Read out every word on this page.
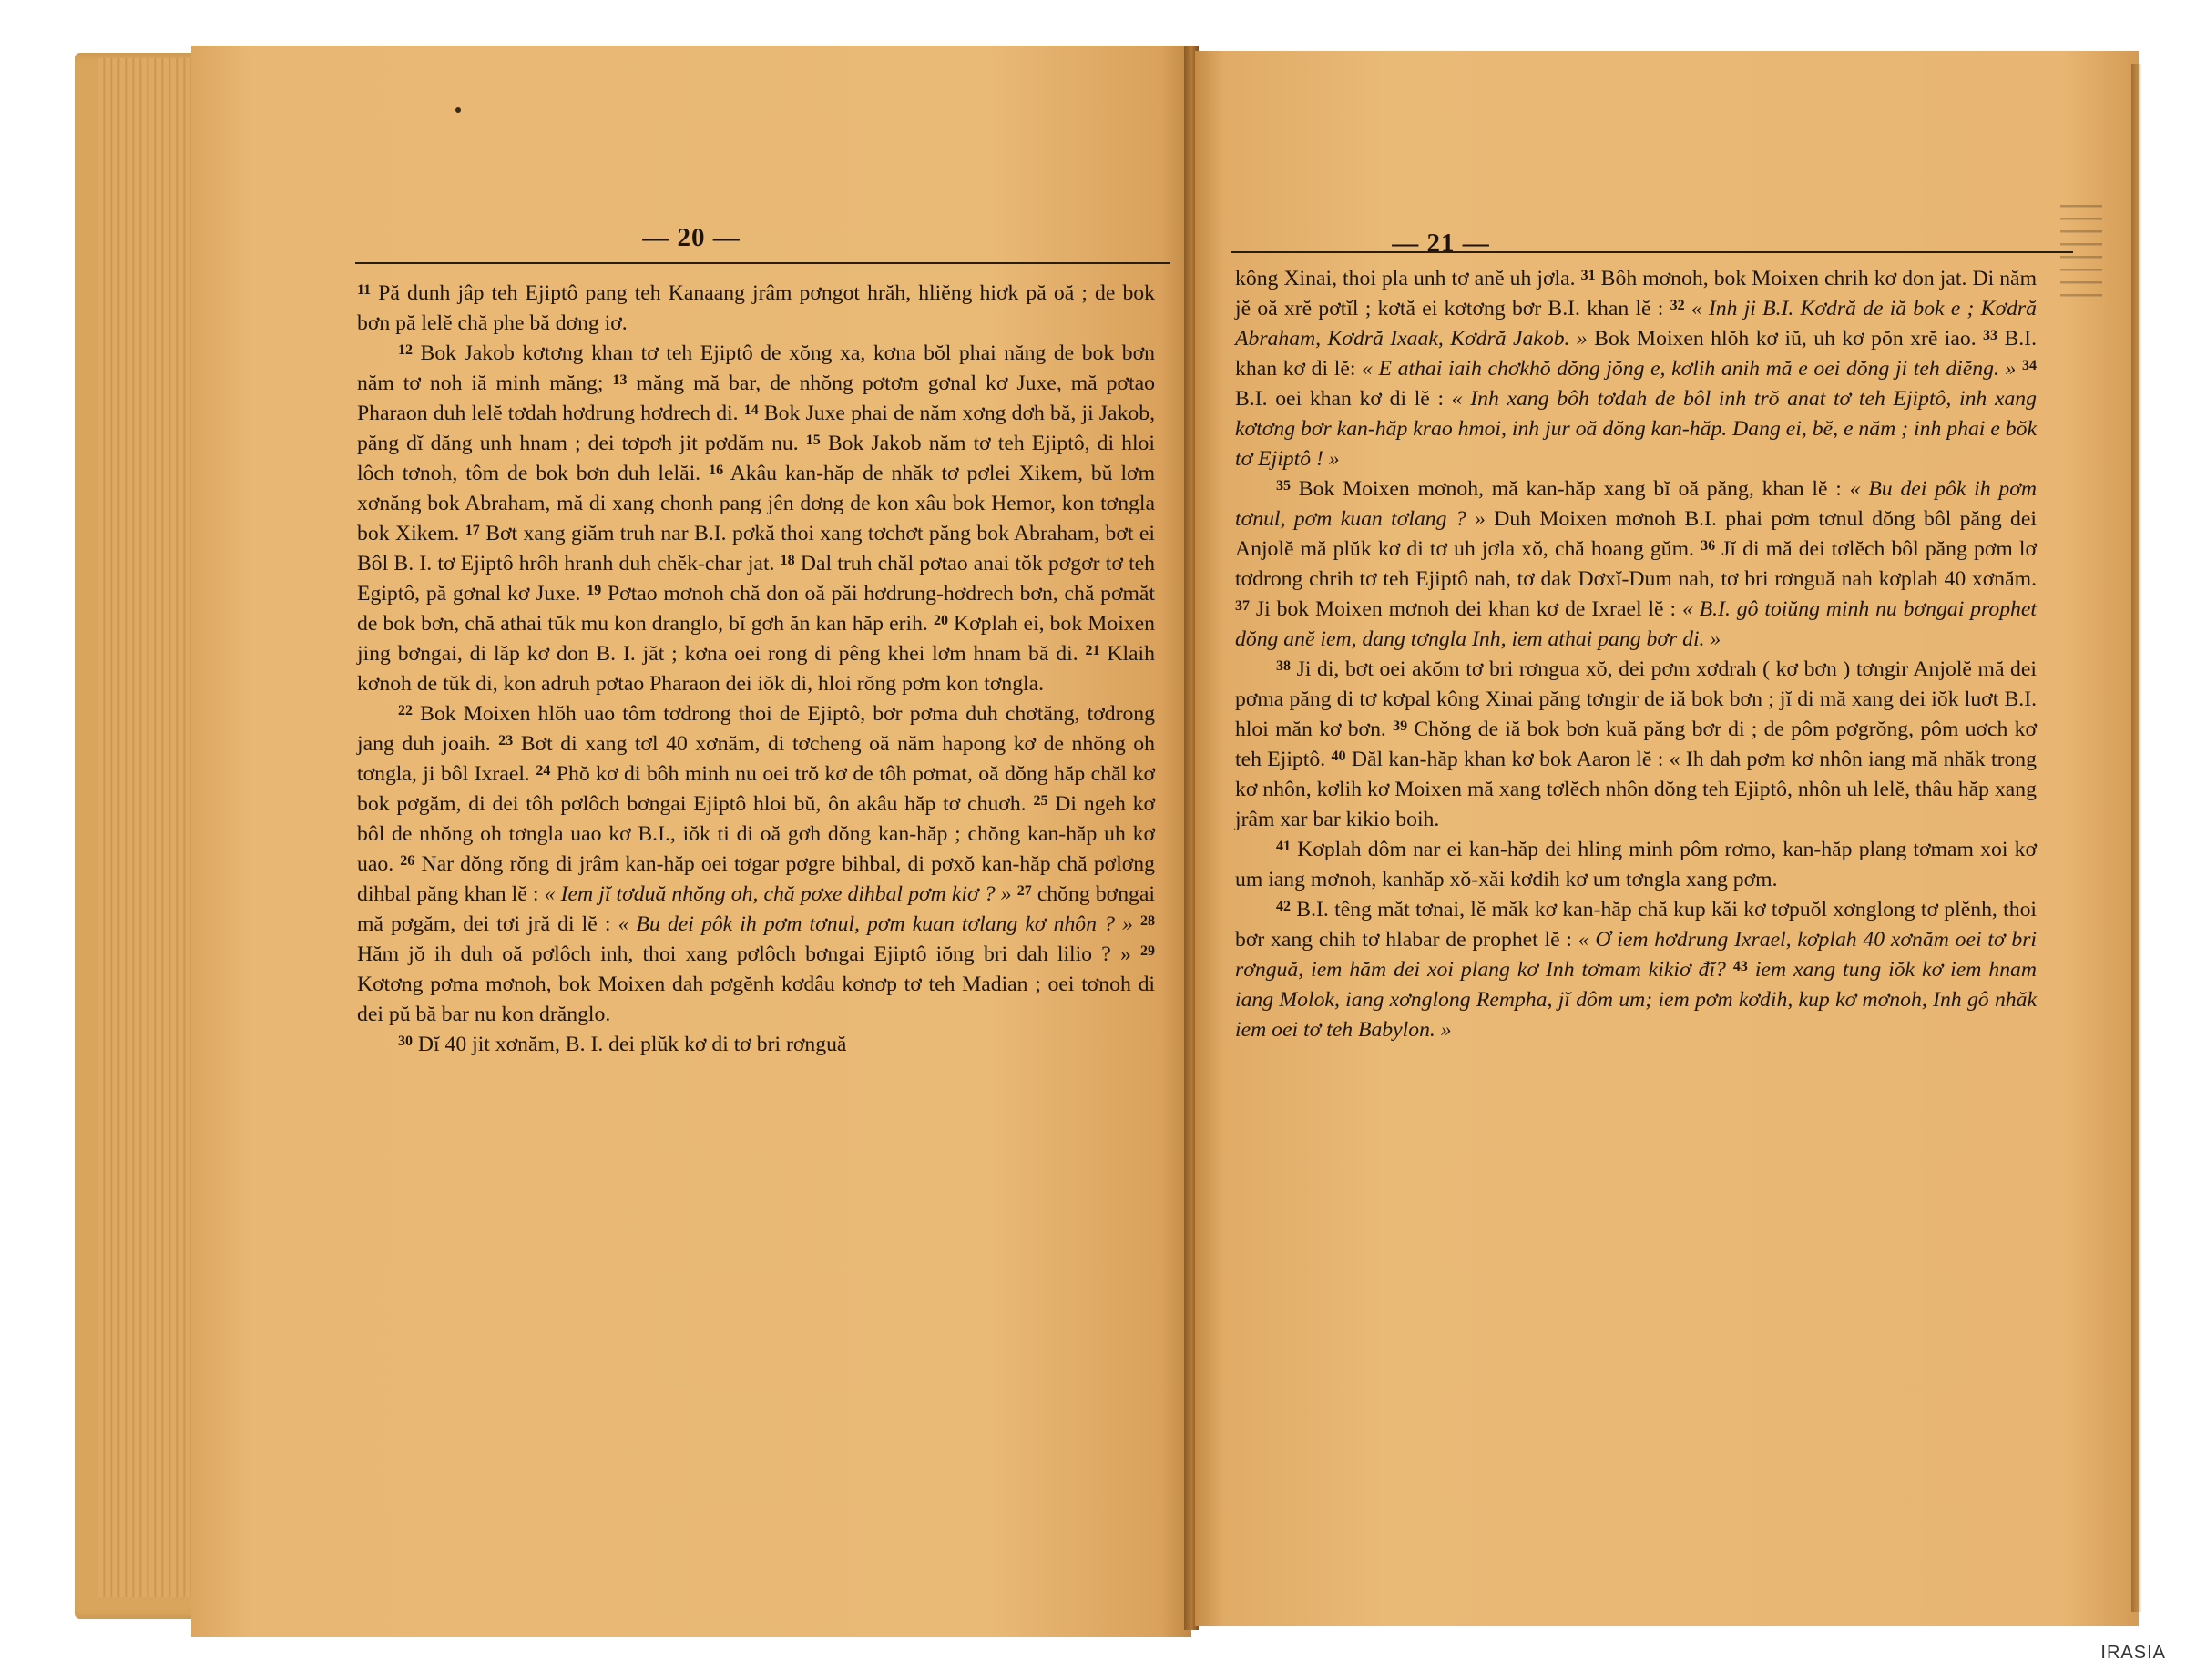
— 20 —

$^{11}$ Pă dunh jâp teh Ejiptô pang teh Kanaang jrâm pơngot hrăh, hliĕng hiơk pă oă ; de bok bơn pă lelĕ chă phe bă dơng iơ.

$^{12}$ Bok Jakob kơtơng khan tơ teh Ejiptô de xŏng xa, kơna bŏl phai năng de bok bơn năm tơ noh iă minh măng; $^{13}$ măng mă bar, de nhŏng pơtơm gơnal kơ Juxe, mă pơtao Pharaon duh lelĕ tơdah hơdrung hơdrech di. $^{14}$ Bok Juxe phai de năm xơng dơh bă, ji Jakob, păng dĭ dăng unh hnam ; dei tơpơh jit pơdăm nu. $^{15}$ Bok Jakob năm tơ teh Ejiptô, di hloi lôch tơnoh, tôm de bok bơn duh lelăi. $^{16}$ Akâu kan-hăp de nhăk tơ pơlei Xikem, bŭ lơm xơnăng bok Abraham, mă di xang chonh pang jên dơng de kon xâu bok Hemor, kon tơngla bok Xikem. $^{17}$ Bơt xang giăm truh nar B.I. pơkă thoi xang tơchơt păng bok Abraham, bơt ei Bôl B. I. tơ Ejiptô hrôh hranh duh chĕk-char jat. $^{18}$ Dal truh chăl pơtao anai tŏk pơgơr tơ teh Egiptô, pă gơnal kơ Juxe. $^{19}$ Pơtao mơnoh chă don oă păi hơdrung-hơdrech bơn, chă pơmăt de bok bơn, chă athai tŭk mu kon dranglo, bĭ gơh ăn kan hăp erih. $^{20}$ Kơplah ei, bok Moixen jing bơngai, di lăp kơ don B. I. jăt ; kơna oei rong di pêng khei lơm hnam bă di. $^{21}$ Klaih kơnoh de tŭk di, kon adruh pơtao Pharaon dei iŏk di, hloi rŏng pơm kon tơngla.

$^{22}$ Bok Moixen hlŏh uao tôm tơdrong thoi de Ejiptô, bơr pơma duh chơtăng, tơdrong jang duh joaih. $^{23}$ Bơt di xang tơl 40 xơnăm, di tơcheng oă năm hapong kơ de nhŏng oh tơngla, ji bôl Ixrael. $^{24}$ Phŏ kơ di bôh minh nu oei trŏ kơ de tôh pơmat, oă dŏng hăp chăl kơ bok pơgăm, di dei tôh pơlôch bơngai Ejiptô hloi bŭ, ôn akâu hăp tơ chuơh. $^{25}$ Di ngeh kơ bôl de nhŏng oh tơngla uao kơ B.I., iŏk ti di oă gơh dŏng kan-hăp ; chŏng kan-hăp uh kơ uao. $^{26}$ Nar dŏng rŏng di jrâm kan-hăp oei tơgar pơgre bihbal, di pơxŏ kan-hăp chă pơlơng dihbal păng khan lĕ : « Iem jĭ tơduă nhŏng oh, chă pơxe dihbal pơm kiơ ? » $^{27}$ chŏng bơngai mă pơgăm, dei tơi jră di lĕ : « Bu dei pôk ih pơm tơnul, pơm kuan tơlang kơ nhôn ? » $^{28}$ Hăm jŏ ih duh oă pơlôch inh, thoi xang pơlôch bơngai Ejiptô iŏng bri dah lilio ? » $^{29}$ Kơtơng pơma mơnoh, bok Moixen dah pơgĕnh kơdâu kơnơp tơ teh Madian ; oei tơnoh di dei pŭ bă bar nu kon drănglo.

$^{30}$ Dĭ 40 jit xơnăm, B. I. dei plŭk kơ di tơ bri rơnguă

— 21 —

kông Xinai, thoi pla unh tơ anĕ uh jơla. $^{31}$ Bôh mơnoh, bok Moixen chrih kơ don jat. Di năm jĕ oă xrĕ pơtĭl ; kơtă ei kơtơng bơr B.I. khan lĕ : $^{32}$ « Inh ji B.I. Kơdră de iă bok e ; Kơdră Abraham, Kơdră Ixaak, Kơdră Jakob. » Bok Moixen hlŏh kơ iŭ, uh kơ pŏn xrĕ iao. $^{33}$ B.I. khan kơ di lĕ: « E athai iaih chơkhŏ dŏng jŏng e, kơlih anih mă e oei dŏng ji teh diĕng. » $^{34}$ B.I. oei khan kơ di lĕ : « Inh xang bôh tơdah de bôl inh trŏ anat tơ teh Ejiptô, inh xang kơtơng bơr kan-hăp krao hmoi, inh jur oă dŏng kan-hăp. Dang ei, bĕ, e năm ; inh phai e bŏk tơ Ejiptô ! »

$^{35}$ Bok Moixen mơnoh, mă kan-hăp xang bĭ oă păng, khan lĕ : « Bu dei pôk ih pơm tơnul, pơm kuan tơlang ? » Duh Moixen mơnoh B.I. phai pơm tơnul dŏng bôl păng dei Anjolĕ mă plŭk kơ di tơ uh jơla xŏ, chă hoang gŭm. $^{36}$ Jĭ di mă dei tơlĕch bôl păng pơm lơ tơdrong chrih tơ teh Ejiptô nah, tơ dak Dơxĭ-Dum nah, tơ bri rơnguă nah kơplah 40 xơnăm. $^{37}$ Ji bok Moixen mơnoh dei khan kơ de Ixrael lĕ : « B.I. gô toiŭng minh nu bơngai prophet dŏng anĕ iem, dang tơngla Inh, iem athai pang bơr di. »

$^{38}$ Ji di, bơt oei akŏm tơ bri rơngua xŏ, dei pơm xơdrah ( kơ bơn ) tơngir Anjolĕ mă dei pơma păng di tơ kơpal kông Xinai păng tơngir de iă bok bơn ; jĭ di mă xang dei iŏk luơt B.I. hloi măn kơ bơn. $^{39}$ Chŏng de iă bok bơn kuă păng bơr di ; de pôm pơgrŏng, pôm uơch kơ teh Ejiptô. $^{40}$ Dăl kan-hăp khan kơ bok Aaron lĕ : « Ih dah pơm kơ nhôn iang mă nhăk trong kơ nhôn, kơlih kơ Moixen mă xang tơlĕch nhôn dŏng teh Ejiptô, nhôn uh lelĕ, thâu hăp xang jrâm xar bar kikio boih.

$^{41}$ Kơplah dôm nar ei kan-hăp dei hling minh pôm rơmo, kan-hăp plang tơmam xoi kơ um iang mơnoh, kanhăp xŏ-xăi kơdih kơ um tơngla xang pơm.

$^{42}$ B.I. têng măt tơnai, lĕ măk kơ kan-hăp chă kup kăi kơ tơpuŏl xơnglong tơ plĕnh, thoi bơr xang chih tơ hlabar de prophet lĕ : « Ơ iem hơdrung Ixrael, kơplah 40 xơnăm oei tơ bri rơnguă, iem hăm dei xoi plang kơ Inh tơmam kikiơ đĭ? $^{43}$ iem xang tung iŏk kơ iem hnam iang Molok, iang xơnglong Rempha, jĭ dôm um; iem pơm kơdih, kup kơ mơnoh, Inh gô nhăk iem oei tơ teh Babylon. »

IRASIA
